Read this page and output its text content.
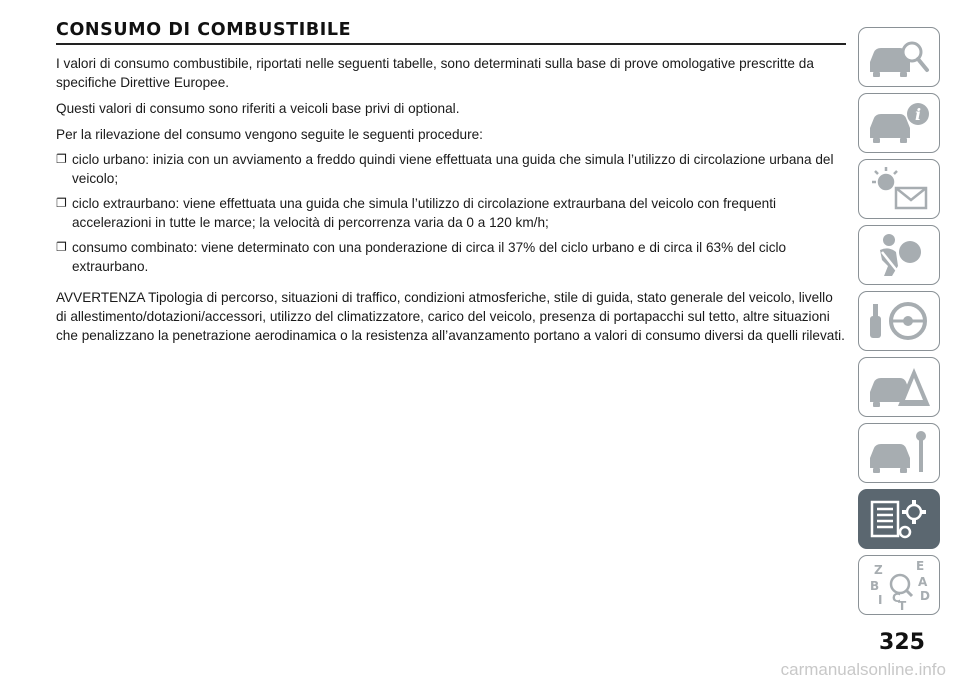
CONSUMO DI COMBUSTIBILE

I valori di consumo combustibile, riportati nelle seguenti tabelle, sono determinati sulla base di prove omologative prescritte da specifiche Direttive Europee.

Questi valori di consumo sono riferiti a veicoli base privi di optional.

Per la rilevazione del consumo vengono seguite le seguenti procedure:

❐ ciclo urbano: inizia con un avviamento a freddo quindi viene effettuata una guida che simula l’utilizzo di circolazione urbana del veicolo;
❐ ciclo extraurbano: viene effettuata una guida che simula l’utilizzo di circolazione extraurbana del veicolo con frequenti accelerazioni in tutte le marce; la velocità di percorrenza varia da 0 a 120 km/h;
❐ consumo combinato: viene determinato con una ponderazione di circa il 37% del ciclo urbano e di circa il 63% del ciclo extraurbano.

AVVERTENZA Tipologia di percorso, situazioni di traffico, condizioni atmosferiche, stile di guida, stato generale del veicolo, livello di allestimento/dotazioni/accessori, utilizzo del climatizzatore, carico del veicolo, presenza di portapacchi sul tetto, altre situazioni che penalizzano la penetrazione aerodinamica o la resistenza all’avanzamento portano a valori di consumo diversi da quelli rilevati.

i
Z	E
A
B
C D
I T
325
carmanualsonline.info
